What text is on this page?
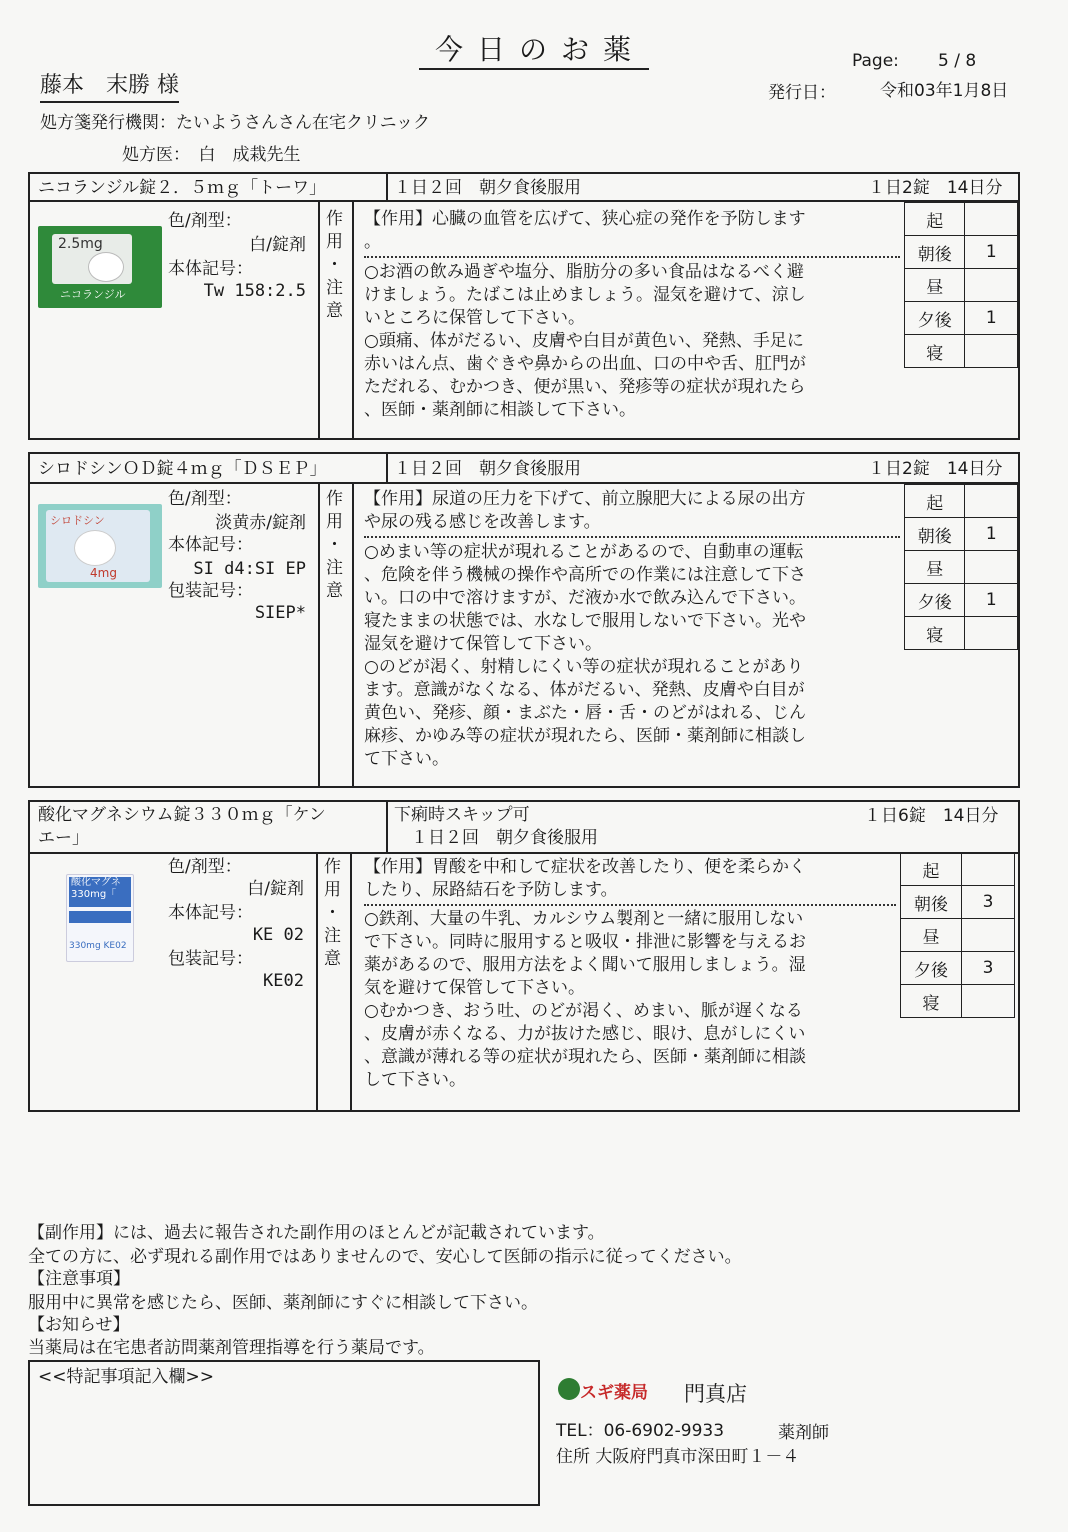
今日のお薬	Page: 5 / 8
藤本　末勝 様	発行日：	令和03年1月8日
処方箋発行機関：たいようさんさん在宅クリニック
処方医：　白　成栽先生
ニコランジル錠２．５ｍｇ「トーワ」	１日２回　朝夕食後服用	１日2錠　14日分
2.5mg
ニコランジル
色/剤型：
白/錠剤
本体記号：
Tw 158:2.5
作
用
・
注
意
【作用】心臓の血管を広げて、狭心症の発作を予防します
。
○お酒の飲み過ぎや塩分、脂肪分の多い食品はなるべく避
けましょう。たばこは止めましょう。湿気を避けて、涼し
いところに保管して下さい。
○頭痛、体がだるい、皮膚や白目が黄色い、発熱、手足に
赤いはん点、歯ぐきや鼻からの出血、口の中や舌、肛門が
ただれる、むかつき、便が黒い、発疹等の症状が現れたら
、医師・薬剤師に相談して下さい。
起	
朝後	1
昼	
夕後	1
寝	
シロドシンＯＤ錠４ｍｇ「ＤＳＥＰ」	１日２回　朝夕食後服用	１日2錠　14日分
シロドシン
4mg
色/剤型：
淡黄赤/錠剤
本体記号：
SI d4:SI EP
包装記号：
SIEP*
作
用
・
注
意
【作用】尿道の圧力を下げて、前立腺肥大による尿の出方
や尿の残る感じを改善します。
○めまい等の症状が現れることがあるので、自動車の運転
、危険を伴う機械の操作や高所での作業には注意して下さ
い。口の中で溶けますが、だ液か水で飲み込んで下さい。
寝たままの状態では、水なしで服用しないで下さい。光や
湿気を避けて保管して下さい。
○のどが渇く、射精しにくい等の症状が現れることがあり
ます。意識がなくなる、体がだるい、発熱、皮膚や白目が
黄色い、発疹、顔・まぶた・唇・舌・のどがはれる、じん
麻疹、かゆみ等の症状が現れたら、医師・薬剤師に相談し
て下さい。
起	
朝後	1
昼	
夕後	1
寝	
酸化マグネシウム錠３３０ｍｇ「ケン
エー」
下痢時スキップ可
　１日２回　朝夕食後服用
１日6錠　14日分
酸化マグネ
330mg「
330mg KE02
色/剤型：
白/錠剤
本体記号：
KE 02
包装記号：
KE02
作
用
・
注
意
【作用】胃酸を中和して症状を改善したり、便を柔らかく
したり、尿路結石を予防します。
○鉄剤、大量の牛乳、カルシウム製剤と一緒に服用しない
で下さい。同時に服用すると吸収・排泄に影響を与えるお
薬があるので、服用方法をよく聞いて服用しましょう。湿
気を避けて保管して下さい。
○むかつき、おう吐、のどが渇く、めまい、脈が遅くなる
、皮膚が赤くなる、力が抜けた感じ、眼け、息がしにくい
、意識が薄れる等の症状が現れたら、医師・薬剤師に相談
して下さい。
起	
朝後	3
昼	
夕後	3
寝	
【副作用】には、過去に報告された副作用のほとんどが記載されています。
全ての方に、必ず現れる副作用ではありませんので、安心して医師の指示に従ってください。
【注意事項】
服用中に異常を感じたら、医師、薬剤師にすぐに相談して下さい。
【お知らせ】
当薬局は在宅患者訪問薬剤管理指導を行う薬局です。
<<特記事項記入欄>>
スギ薬局 門真店
TEL：06-6902-9933	薬剤師
住所 大阪府門真市深田町１－４
